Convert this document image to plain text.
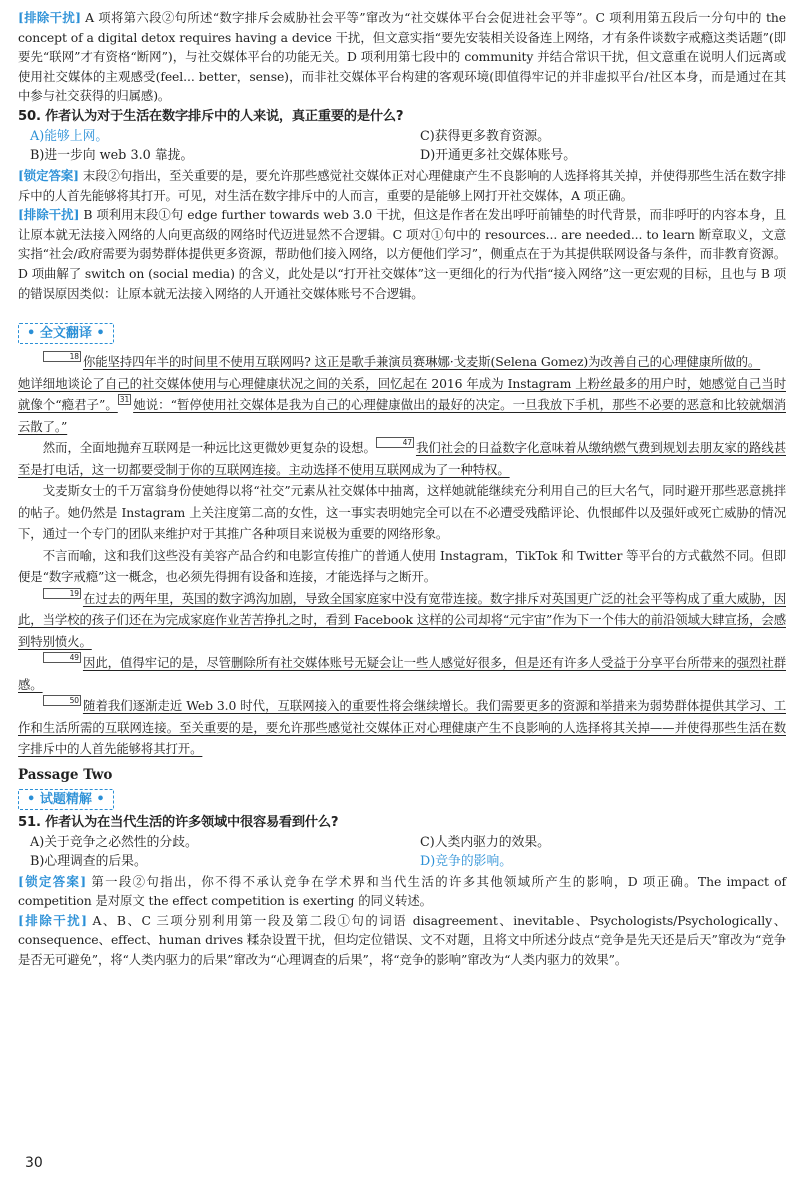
[排除干扰] A 项将第六段②句所述“数字排斥会威胁社会平等”窜改为“社交媒体平台会促进社会平等”。C 项利用第五段后一分句中的 the concept of a digital detox requires having a device 干扰，但文意实指“要先安装相关设备连上网络，才有条件谈数字戒瘾这类话题”(即要先“联网”才有资格“断网”)，与社交媒体平台的功能无关。D 项利用第七段中的 community 并结合常识干扰，但文意重在说明人们远离或使用社交媒体的主观感受(feel... better，sense)，而非社交媒体平台构建的客观环境(即值得牢记的并非虚拟平台/社区本身，而是通过在其中参与社交获得的归属感)。

50. 作者认为对于生活在数字排斥中的人来说，真正重要的是什么?

A)能够上网。	C)获得更多教育资源。
B)进一步向 web 3.0 靠拢。	D)开通更多社交媒体账号。

[锁定答案] 末段②句指出，至关重要的是，要允许那些感觉社交媒体正对心理健康产生不良影响的人选择将其关掉，并使得那些生活在数字排斥中的人首先能够将其打开。可见，对生活在数字排斥中的人而言，重要的是能够上网打开社交媒体，A 项正确。

[排除干扰] B 项利用末段①句 edge further towards web 3.0 干扰，但这是作者在发出呼吁前铺垫的时代背景，而非呼吁的内容本身，且让原本就无法接入网络的人向更高级的网络时代迈进显然不合逻辑。C 项对①句中的 resources... are needed... to learn 断章取义，文意实指“社会/政府需要为弱势群体提供更多资源，帮助他们接入网络，以方便他们学习”，侧重点在于为其提供联网设备与条件，而非教育资源。D 项曲解了 switch on (social media) 的含义，此处是以“打开社交媒体”这一更细化的行为代指“接入网络”这一更宏观的目标，且也与 B 项的错误原因类似：让原本就无法接入网络的人开通社交媒体账号不合逻辑。

• 全文翻译 •

18 你能坚持四年半的时间里不使用互联网吗? 这正是歌手兼演员赛琳娜·戈麦斯(Selena Gomez)为改善自己的心理健康所做的。

她详细地谈论了自己的社交媒体使用与心理健康状况之间的关系，回忆起在 2016 年成为 Instagram 上粉丝最多的用户时，她感觉自己当时就像个“瘾君子”。 31 她说：“暂停使用社交媒体是我为自己的心理健康做出的最好的决定。一旦我放下手机，那些不必要的恶意和比较就烟消云散了。”

然而，全面地抛弃互联网是一种远比这更微妙更复杂的设想。	47 我们社会的日益数字化意味着从缴纳燃气费到规划去朋友家的路线甚至是打电话，这一切都要受制于你的互联网连接。主动选择不使用互联网成为了一种特权。

戈麦斯女士的千万富翁身份使她得以将“社交”元素从社交媒体中抽离，这样她就能继续充分利用自己的巨大名气，同时避开那些恶意挑拌的帖子。她仍然是 Instagram 上关注度第二高的女性，这一事实表明她完全可以在不必遭受残酷评论、仇恨邮件以及强奸或死亡威胁的情况下，通过一个专门的团队来维护对于其推广各种项目来说极为重要的网络形象。

不言而喻，这和我们这些没有美容产品合约和电影宣传推广的普通人使用 Instagram，TikTok 和 Twitter 等平台的方式截然不同。但即便是“数字戒瘾”这一概念，也必须先得拥有设备和连接，才能选择与之断开。

19 在过去的两年里，英国的数字鸿沟加剧，导致全国家庭家中没有宽带连接。数字排斥对英国更广泛的社会平等构成了重大威胁，因此，当学校的孩子们还在为完成家庭作业苦苦挣扎之时，看到 Facebook 这样的公司却将“元宇宙”作为下一个伟大的前沿领域大肆宣扬，会感到特别愤火。

49 因此，值得牢记的是，尽管删除所有社交媒体账号无疑会让一些人感觉好很多，但是还有许多人受益于分享平台所带来的强烈社群感。

50 随着我们逐渐走近 Web 3.0 时代，互联网接入的重要性将会继续增长。我们需要更多的资源和举措来为弱势群体提供其学习、工作和生活所需的互联网连接。至关重要的是，要允许那些感觉社交媒体正对心理健康产生不良影响的人选择将其关掉——并使得那些生活在数字排斥中的人首先能够将其打开。

Passage Two

• 试题精解 •

51. 作者认为在当代生活的许多领域中很容易看到什么?

A)关于竞争之必然性的分歧。	C)人类内驱力的效果。
B)心理调查的后果。	D)竞争的影响。

[锁定答案] 第一段②句指出，你不得不承认竞争在学术界和当代生活的许多其他领域所产生的影响，D 项正确。The impact of competition 是对原文 the effect competition is exerting 的同义转述。

[排除干扰] A、B、C 三项分别利用第一段及第二段①句的词语 disagreement、inevitable、Psychologists/Psychologically、consequence、effect、human drives 糅杂设置干扰，但均定位错误、文不对题，且将文中所述分歧点“竞争是先天还是后天”窜改为“竞争是否无可避免”，将“人类内驱力的后果”窜改为“心理调查的后果”，将“竞争的影响”窜改为“人类内驱力的效果”。

30
